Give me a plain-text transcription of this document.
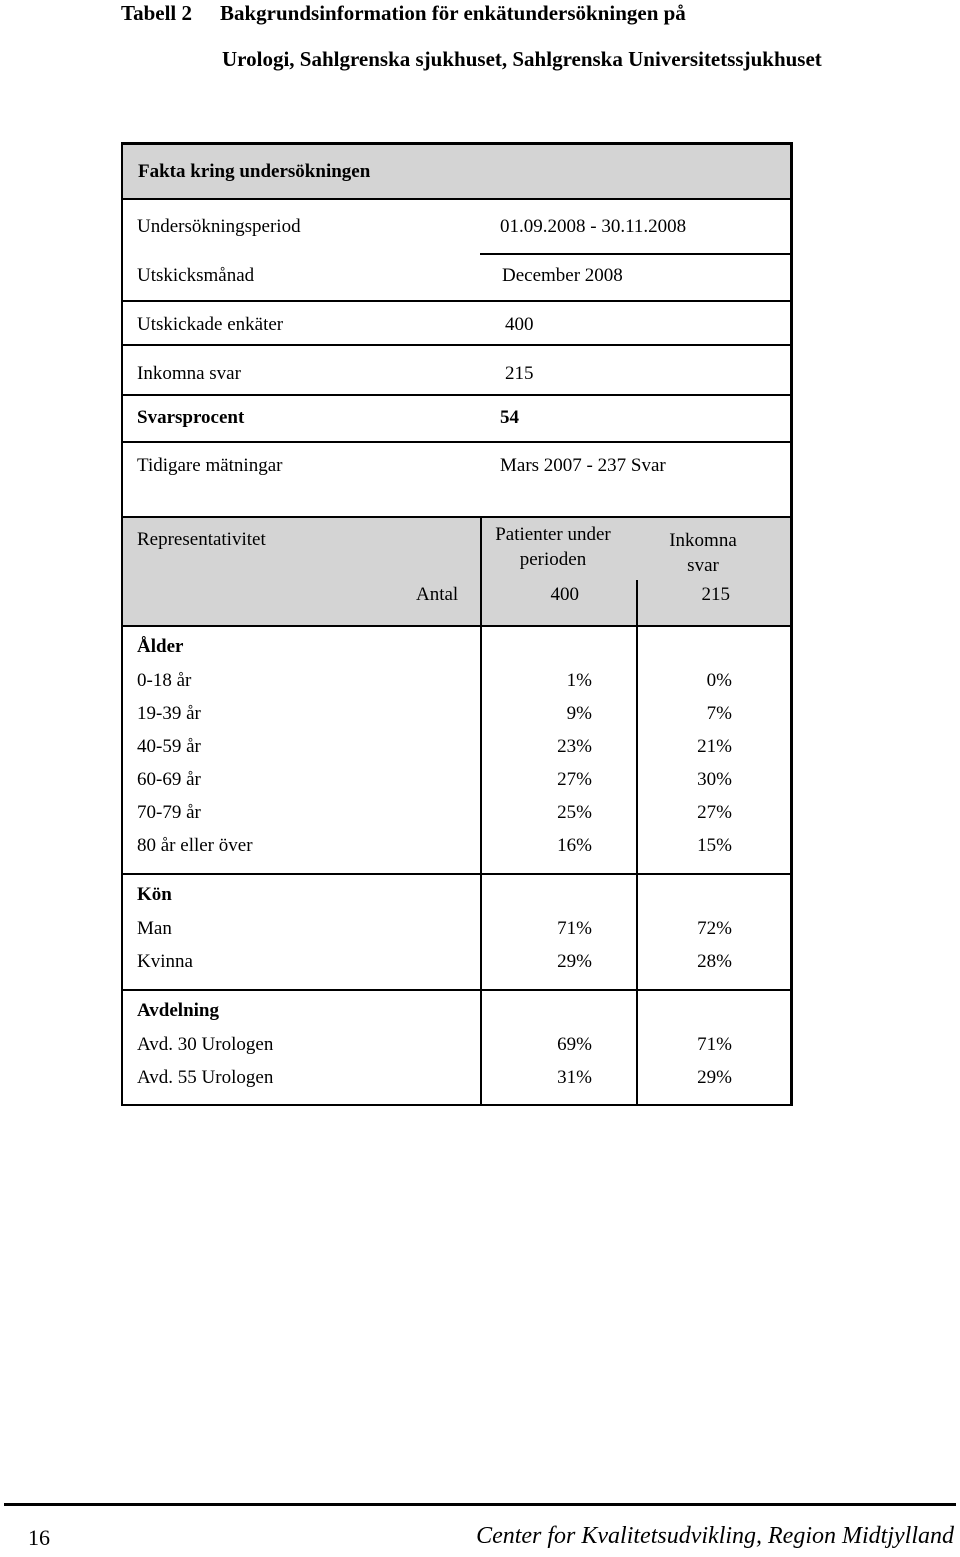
Tabell 2 Bakgrundsinformation för enkätundersökningen på
Urologi, Sahlgrenska sjukhuset, Sahlgrenska Universitetssjukhuset
Fakta kring undersökningen
Undersökningsperiod	01.09.2008 - 30.11.2008
Utskicksmånad	December 2008
Utskickade enkäter	400
Inkomna svar	215
Svarsprocent	54
Tidigare mätningar	Mars 2007 - 237 Svar
Representativitet	Patienter under
perioden
Inkomna
svar
Antal	400	215
Ålder
0-18 år	1%	0%
19-39 år	9%	7%
40-59 år	23%	21%
60-69 år	27%	30%
70-79 år	25%	27%
80 år eller över	16%	15%
Kön
Man	71%	72%
Kvinna	29%	28%
Avdelning
Avd. 30 Urologen	69%	71%
Avd. 55 Urologen	31%	29%
16	Center for Kvalitetsudvikling, Region Midtjylland
